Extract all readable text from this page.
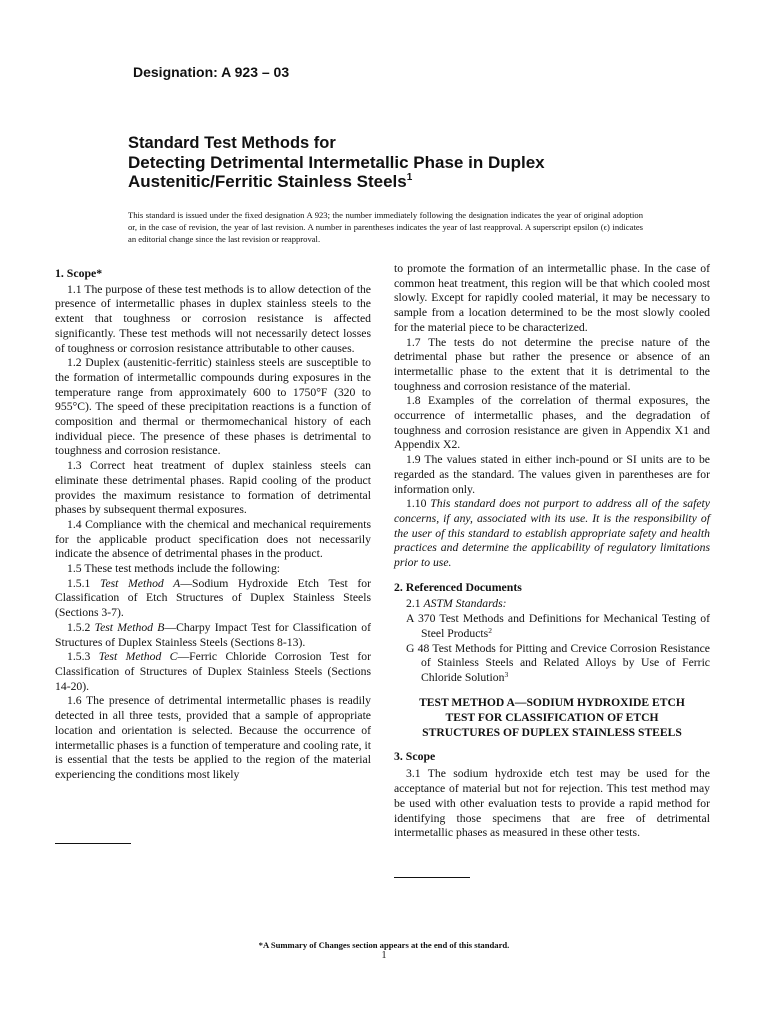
Designation: A 923 – 03
Standard Test Methods for
Detecting Detrimental Intermetallic Phase in Duplex
Austenitic/Ferritic Stainless Steels$^1$
This standard is issued under the fixed designation A 923; the number immediately following the designation indicates the year of original adoption or, in the case of revision, the year of last revision. A number in parentheses indicates the year of last reapproval. A superscript epsilon (ϵ) indicates an editorial change since the last revision or reapproval.
1. Scope*

1.1 The purpose of these test methods is to allow detection of the presence of intermetallic phases in duplex stainless steels to the extent that toughness or corrosion resistance is affected significantly. These test methods will not necessarily detect losses of toughness or corrosion resistance attributable to other causes.

1.2 Duplex (austenitic-ferritic) stainless steels are susceptible to the formation of intermetallic compounds during exposures in the temperature range from approximately 600 to 1750°F (320 to 955°C). The speed of these precipitation reactions is a function of composition and thermal or thermomechanical history of each individual piece. The presence of these phases is detrimental to toughness and corrosion resistance.

1.3 Correct heat treatment of duplex stainless steels can eliminate these detrimental phases. Rapid cooling of the product provides the maximum resistance to formation of detrimental phases by subsequent thermal exposures.

1.4 Compliance with the chemical and mechanical requirements for the applicable product specification does not necessarily indicate the absence of detrimental phases in the product.

1.5 These test methods include the following:

1.5.1 Test Method A—Sodium Hydroxide Etch Test for Classification of Etch Structures of Duplex Stainless Steels (Sections 3-7).

1.5.2 Test Method B—Charpy Impact Test for Classification of Structures of Duplex Stainless Steels (Sections 8-13).

1.5.3 Test Method C—Ferric Chloride Corrosion Test for Classification of Structures of Duplex Stainless Steels (Sections 14-20).

1.6 The presence of detrimental intermetallic phases is readily detected in all three tests, provided that a sample of appropriate location and orientation is selected. Because the occurrence of intermetallic phases is a function of temperature and cooling rate, it is essential that the tests be applied to the region of the material experiencing the conditions most likely

to promote the formation of an intermetallic phase. In the case of common heat treatment, this region will be that which cooled most slowly. Except for rapidly cooled material, it may be necessary to sample from a location determined to be the most slowly cooled for the material piece to be characterized.

1.7 The tests do not determine the precise nature of the detrimental phase but rather the presence or absence of an intermetallic phase to the extent that it is detrimental to the toughness and corrosion resistance of the material.

1.8 Examples of the correlation of thermal exposures, the occurrence of intermetallic phases, and the degradation of toughness and corrosion resistance are given in Appendix X1 and Appendix X2.

1.9 The values stated in either inch-pound or SI units are to be regarded as the standard. The values given in parentheses are for information only.

1.10 This standard does not purport to address all of the safety concerns, if any, associated with its use. It is the responsibility of the user of this standard to establish appropriate safety and health practices and determine the applicability of regulatory limitations prior to use.

2. Referenced Documents

2.1 ASTM Standards:

A 370 Test Methods and Definitions for Mechanical Testing of Steel Products$^2$

G 48 Test Methods for Pitting and Crevice Corrosion Resistance of Stainless Steels and Related Alloys by Use of Ferric Chloride Solution$^3$

TEST METHOD A—SODIUM HYDROXIDE ETCH

TEST FOR CLASSIFICATION OF ETCH

STRUCTURES OF DUPLEX STAINLESS STEELS

3. Scope

3.1 The sodium hydroxide etch test may be used for the acceptance of material but not for rejection. This test method may be used with other evaluation tests to provide a rapid method for identifying those specimens that are free of detrimental intermetallic phases as measured in these other tests.

*A Summary of Changes section appears at the end of this standard.
1
